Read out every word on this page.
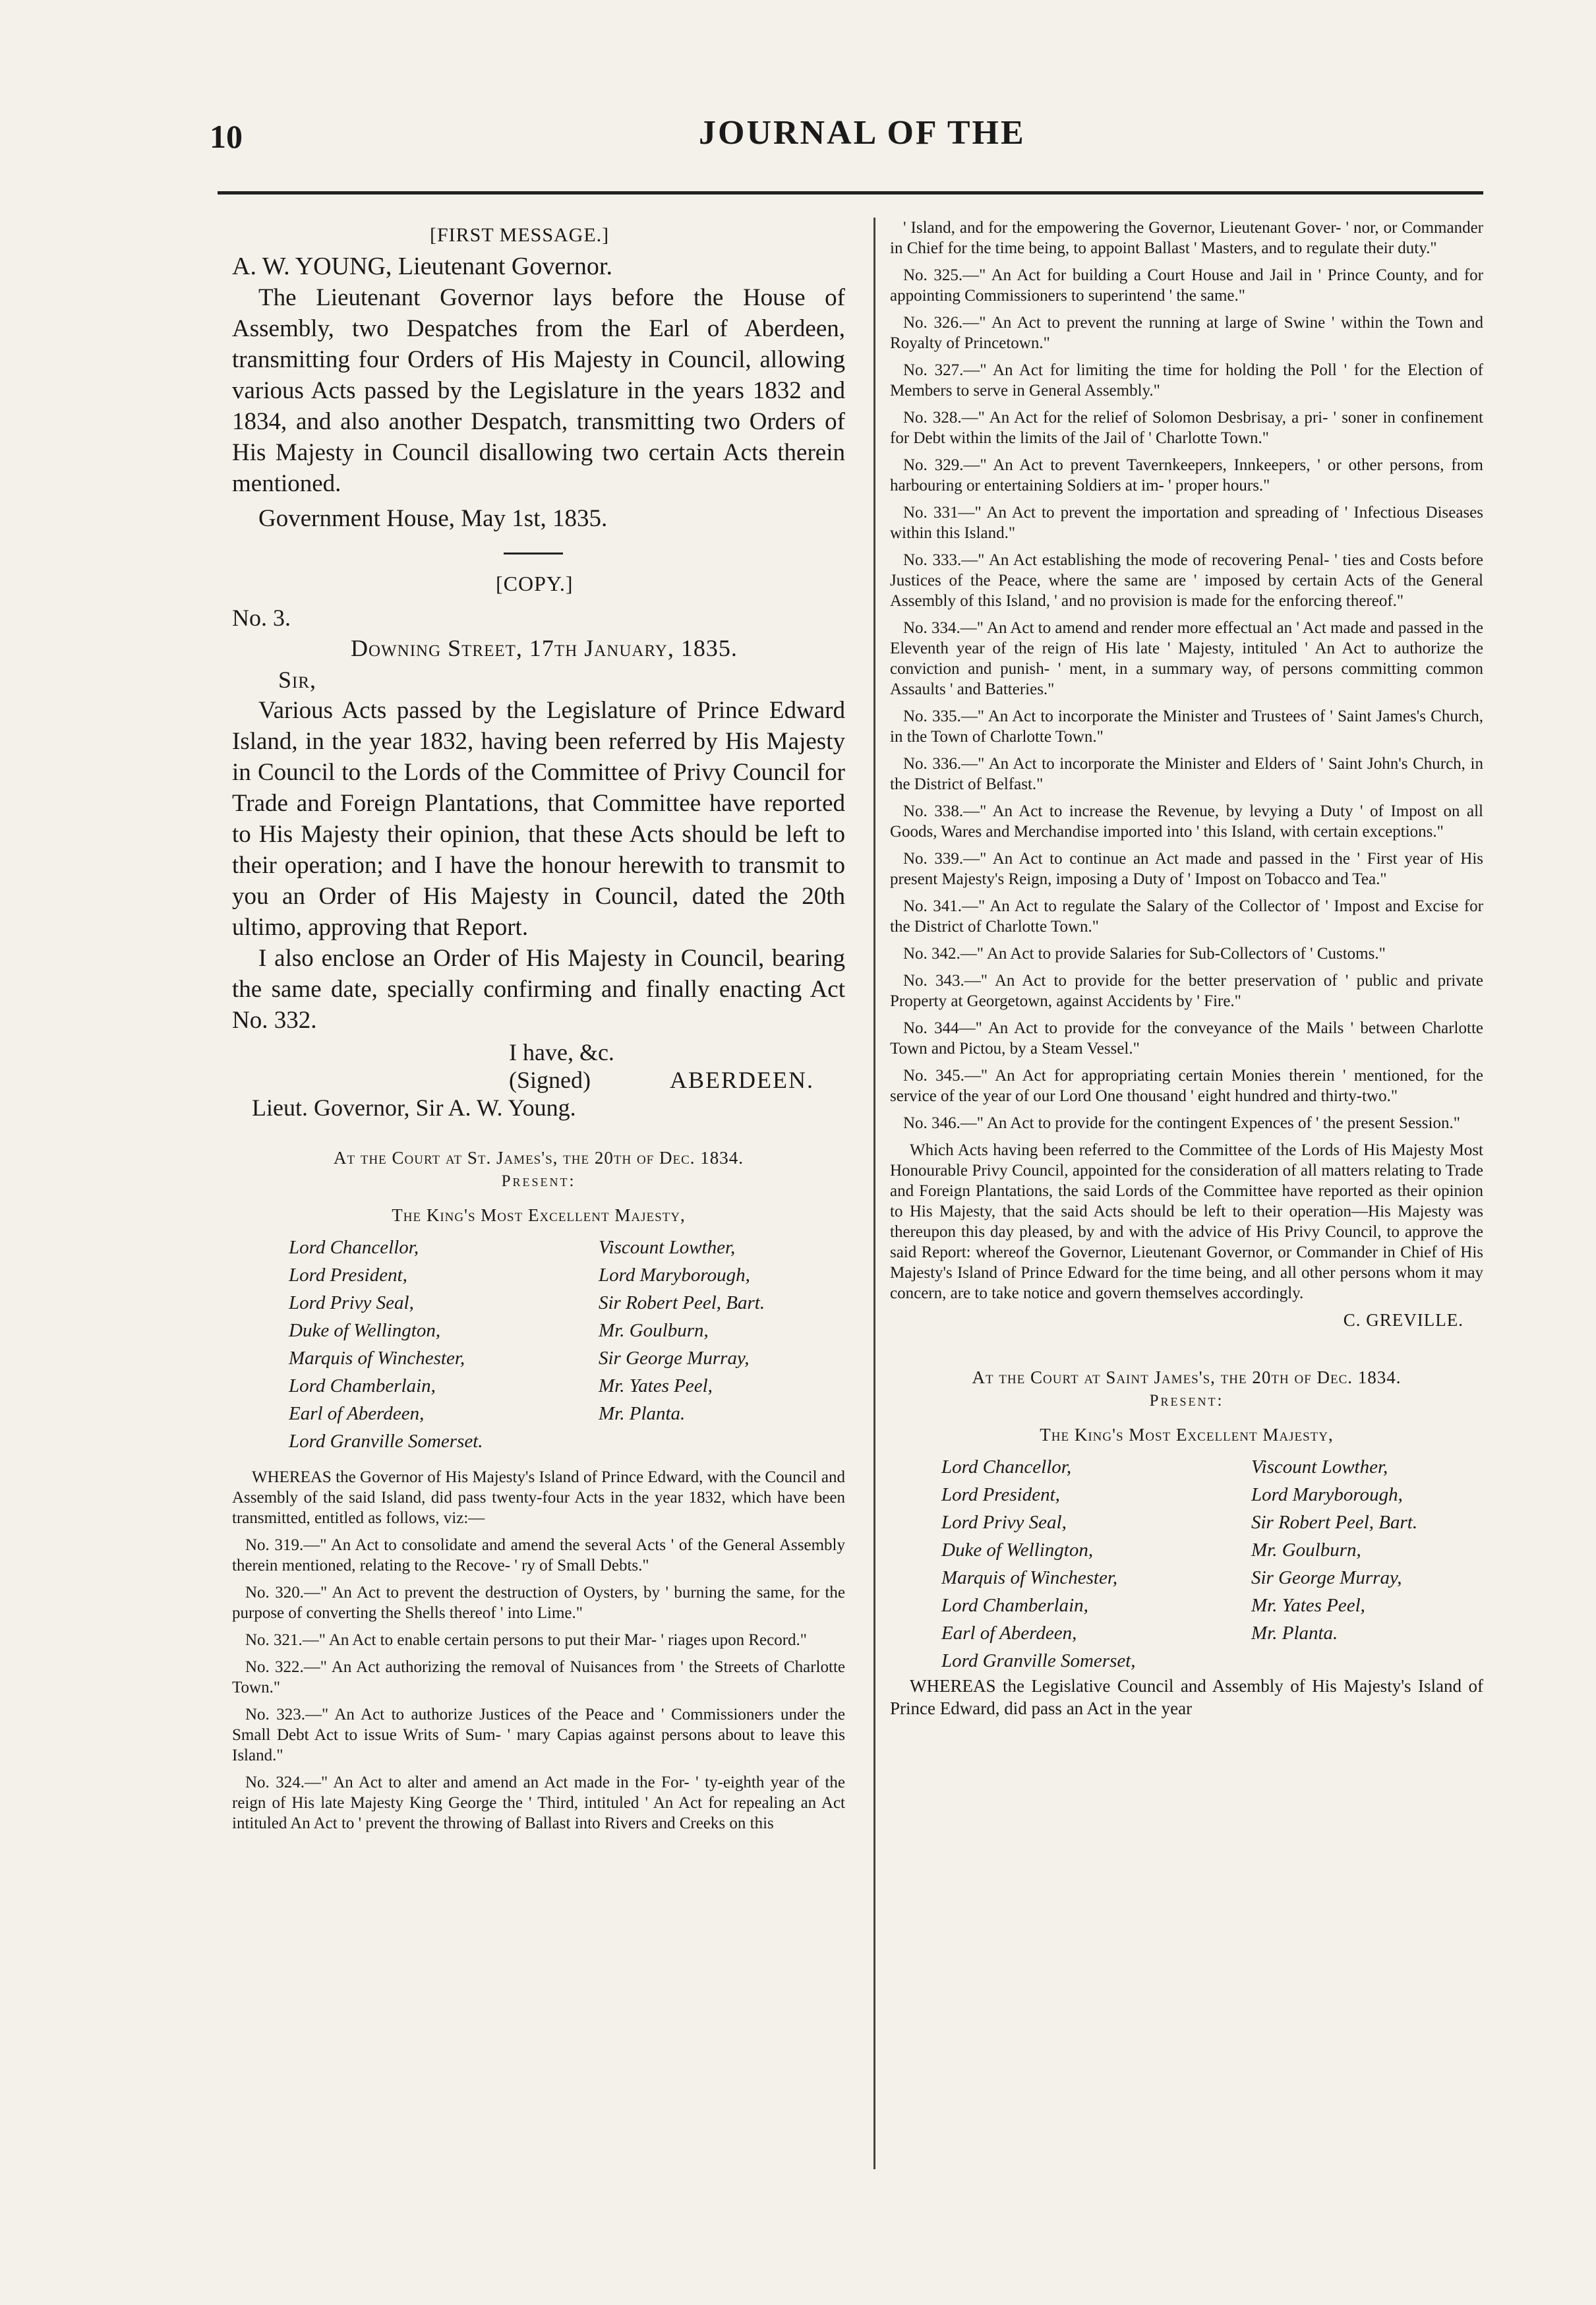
10	JOURNAL OF THE
[FIRST MESSAGE.]

A. W. YOUNG, Lieutenant Governor.

The Lieutenant Governor lays before the House of Assembly, two Despatches from the Earl of Aberdeen, transmitting four Orders of His Majesty in Council, allowing various Acts passed by the Legislature in the years 1832 and 1834, and also another Despatch, transmitting two Orders of His Majesty in Council disallowing two certain Acts therein mentioned.

Government House, May 1st, 1835.

[COPY.]

No. 3.

Downing Street, 17th January, 1835.

Sir,

Various Acts passed by the Legislature of Prince Edward Island, in the year 1832, having been referred by His Majesty in Council to the Lords of the Committee of Privy Council for Trade and Foreign Plantations, that Committee have reported to His Majesty their opinion, that these Acts should be left to their operation; and I have the honour herewith to transmit to you an Order of His Majesty in Council, dated the 20th ultimo, approving that Report.

I also enclose an Order of His Majesty in Council, bearing the same date, specially confirming and finally enacting Act No. 332.

I have, &c.

(Signed)	ABERDEEN.

Lieut. Governor, Sir A. W. Young.

At the Court at St. James's, the 20th of Dec. 1834.
Present:
The King's Most Excellent Majesty,
Lord Chancellor,	Viscount Lowther,
Lord President,	Lord Maryborough,
Lord Privy Seal,	Sir Robert Peel, Bart.
Duke of Wellington,	Mr. Goulburn,
Marquis of Winchester,	Sir George Murray,
Lord Chamberlain,	Mr. Yates Peel,
Earl of Aberdeen,	Mr. Planta.
Lord Granville Somerset.

WHEREAS the Governor of His Majesty's Island of Prince Edward, with the Council and Assembly of the said Island, did pass twenty-four Acts in the year 1832, which have been transmitted, entitled as follows, viz:—

No. 319.—" An Act to consolidate and amend the several Acts ' of the General Assembly therein mentioned, relating to the Recove- ' ry of Small Debts."

No. 320.—" An Act to prevent the destruction of Oysters, by ' burning the same, for the purpose of converting the Shells thereof ' into Lime."

No. 321.—" An Act to enable certain persons to put their Mar- ' riages upon Record."

No. 322.—" An Act authorizing the removal of Nuisances from ' the Streets of Charlotte Town."

No. 323.—" An Act to authorize Justices of the Peace and ' Commissioners under the Small Debt Act to issue Writs of Sum- ' mary Capias against persons about to leave this Island."

No. 324.—" An Act to alter and amend an Act made in the For- ' ty-eighth year of the reign of His late Majesty King George the ' Third, intituled ' An Act for repealing an Act intituled An Act to ' prevent the throwing of Ballast into Rivers and Creeks on this

' Island, and for the empowering the Governor, Lieutenant Gover- ' nor, or Commander in Chief for the time being, to appoint Ballast ' Masters, and to regulate their duty."

No. 325.—" An Act for building a Court House and Jail in ' Prince County, and for appointing Commissioners to superintend ' the same."

No. 326.—" An Act to prevent the running at large of Swine ' within the Town and Royalty of Princetown."

No. 327.—" An Act for limiting the time for holding the Poll ' for the Election of Members to serve in General Assembly."

No. 328.—" An Act for the relief of Solomon Desbrisay, a pri- ' soner in confinement for Debt within the limits of the Jail of ' Charlotte Town."

No. 329.—" An Act to prevent Tavernkeepers, Innkeepers, ' or other persons, from harbouring or entertaining Soldiers at im- ' proper hours."

No. 331—" An Act to prevent the importation and spreading of ' Infectious Diseases within this Island."

No. 333.—" An Act establishing the mode of recovering Penal- ' ties and Costs before Justices of the Peace, where the same are ' imposed by certain Acts of the General Assembly of this Island, ' and no provision is made for the enforcing thereof."

No. 334.—" An Act to amend and render more effectual an ' Act made and passed in the Eleventh year of the reign of His late ' Majesty, intituled ' An Act to authorize the conviction and punish- ' ment, in a summary way, of persons committing common Assaults ' and Batteries."

No. 335.—" An Act to incorporate the Minister and Trustees of ' Saint James's Church, in the Town of Charlotte Town."

No. 336.—" An Act to incorporate the Minister and Elders of ' Saint John's Church, in the District of Belfast."

No. 338.—" An Act to increase the Revenue, by levying a Duty ' of Impost on all Goods, Wares and Merchandise imported into ' this Island, with certain exceptions."

No. 339.—" An Act to continue an Act made and passed in the ' First year of His present Majesty's Reign, imposing a Duty of ' Impost on Tobacco and Tea."

No. 341.—" An Act to regulate the Salary of the Collector of ' Impost and Excise for the District of Charlotte Town."

No. 342.—" An Act to provide Salaries for Sub-Collectors of ' Customs."

No. 343.—" An Act to provide for the better preservation of ' public and private Property at Georgetown, against Accidents by ' Fire."

No. 344—" An Act to provide for the conveyance of the Mails ' between Charlotte Town and Pictou, by a Steam Vessel."

No. 345.—" An Act for appropriating certain Monies therein ' mentioned, for the service of the year of our Lord One thousand ' eight hundred and thirty-two."

No. 346.—" An Act to provide for the contingent Expences of ' the present Session."

Which Acts having been referred to the Committee of the Lords of His Majesty Most Honourable Privy Council, appointed for the consideration of all matters relating to Trade and Foreign Plantations, the said Lords of the Committee have reported as their opinion to His Majesty, that the said Acts should be left to their operation—His Majesty was thereupon this day pleased, by and with the advice of His Privy Council, to approve the said Report: whereof the Governor, Lieutenant Governor, or Commander in Chief of His Majesty's Island of Prince Edward for the time being, and all other persons whom it may concern, are to take notice and govern themselves accordingly.

C. GREVILLE.

At the Court at Saint James's, the 20th of Dec. 1834.
Present:
The King's Most Excellent Majesty,
Lord Chancellor,	Viscount Lowther,
Lord President,	Lord Maryborough,
Lord Privy Seal,	Sir Robert Peel, Bart.
Duke of Wellington,	Mr. Goulburn,
Marquis of Winchester,	Sir George Murray,
Lord Chamberlain,	Mr. Yates Peel,
Earl of Aberdeen,	Mr. Planta.
Lord Granville Somerset,

WHEREAS the Legislative Council and Assembly of His Majesty's Island of Prince Edward, did pass an Act in the year
